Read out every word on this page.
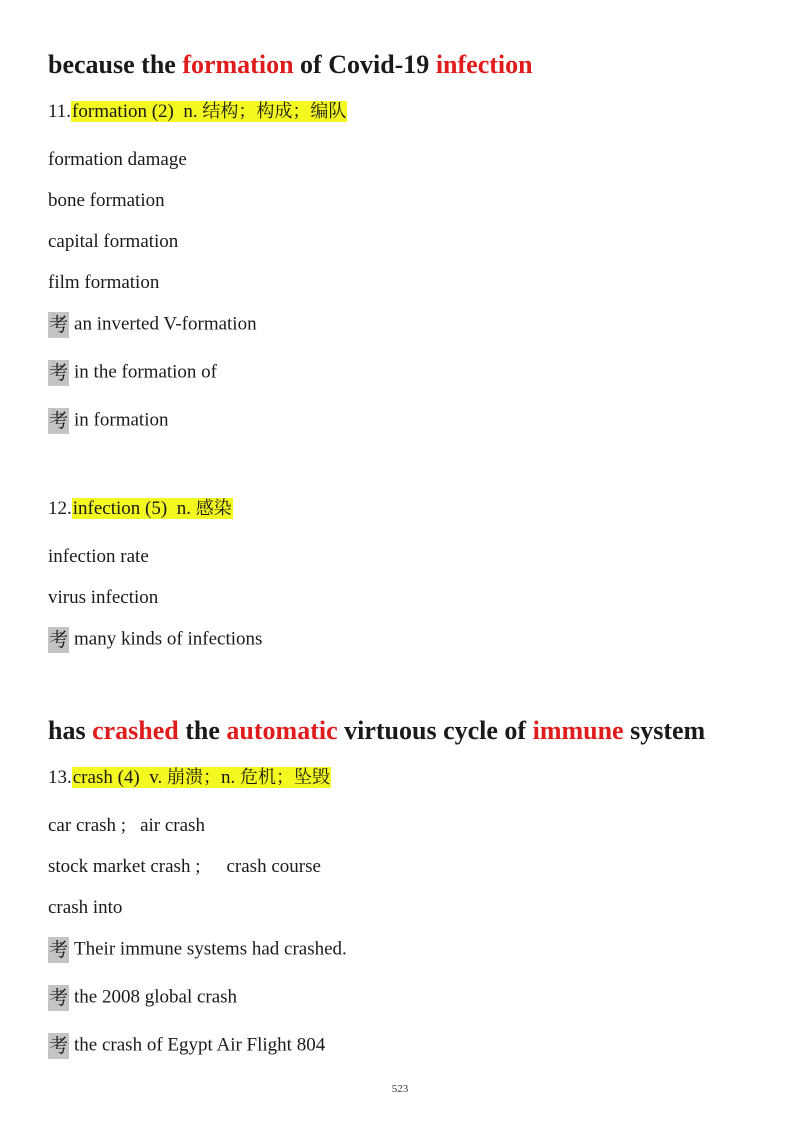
because the formation of Covid-19 infection
11.formation (2)  n. 结构；构成；编队
formation damage
bone formation
capital formation
film formation
考 an inverted V-formation
考 in the formation of
考 in formation
12.infection (5)  n. 感染
infection rate
virus infection
考 many kinds of infections
has crashed the automatic virtuous cycle of immune system
13.crash (4)  v. 崩溃；n. 危机；坠毁
car crash ; air crash
stock market crash ; crash course
crash into
考 Their immune systems had crashed.
考 the 2008 global crash
考 the crash of Egypt Air Flight 804
523
